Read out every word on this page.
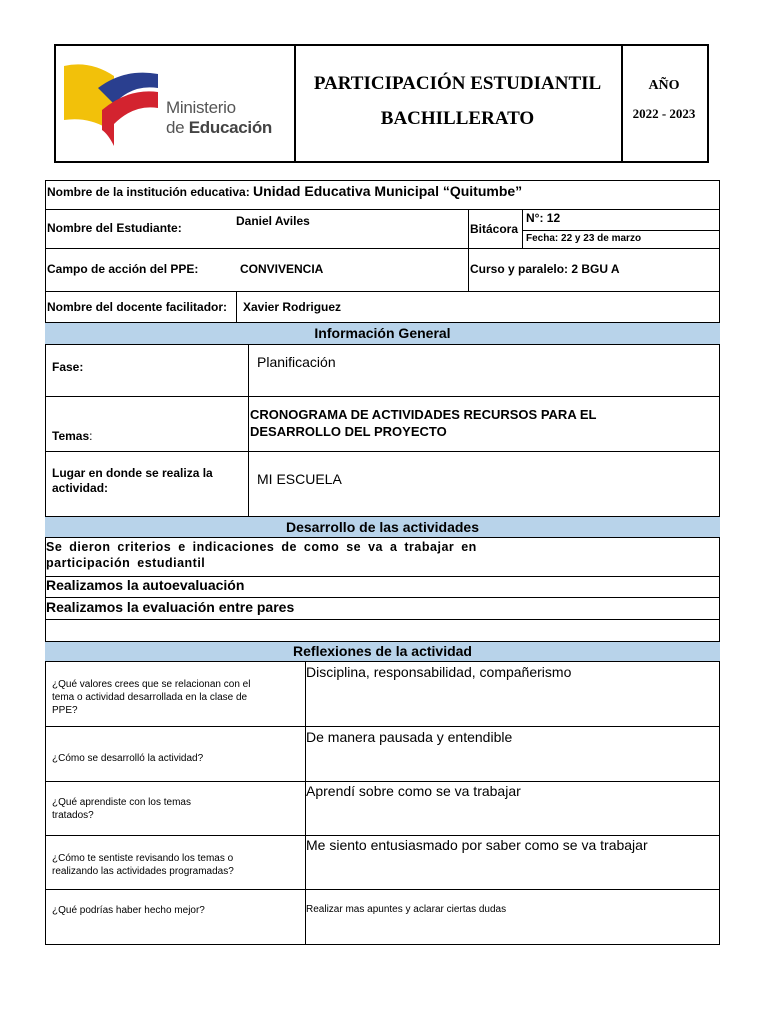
Ministerio
de Educación
PARTICIPACIÓN ESTUDIANTIL
BACHILLERATO
AÑO
2022 - 2023
Nombre de la institución educativa: Unidad Educativa Municipal “Quitumbe”
Nombre del Estudiante:	Daniel Aviles
Bitácora
N°: 12
Fecha: 22 y 23 de marzo
Campo de acción del PPE:	CONVIVENCIA	Curso y paralelo: 2 BGU A
Nombre del docente facilitador: Xavier Rodriguez
Información General
Fase:	Planificación
Temas:
CRONOGRAMA DE ACTIVIDADES RECURSOS PARA EL
DESARROLLO DEL PROYECTO
Lugar en donde se realiza la
actividad:
MI ESCUELA
Desarrollo de las actividades
Se dieron criterios e indicaciones de como se va a trabajar en
participación estudiantil
Realizamos la autoevaluación
Realizamos la evaluación entre pares
Reflexiones de la actividad
¿Qué valores crees que se relacionan con el
tema o actividad desarrollada en la clase de
PPE?
Disciplina, responsabilidad, compañerismo
¿Cómo se desarrolló la actividad?
De manera pausada y entendible
¿Qué aprendiste con los temas
tratados?
Aprendí sobre como se va trabajar
¿Cómo te sentiste revisando los temas o
realizando las actividades programadas?
Me siento entusiasmado por saber como se va trabajar
¿Qué podrías haber hecho mejor?	Realizar mas apuntes y aclarar ciertas dudas
